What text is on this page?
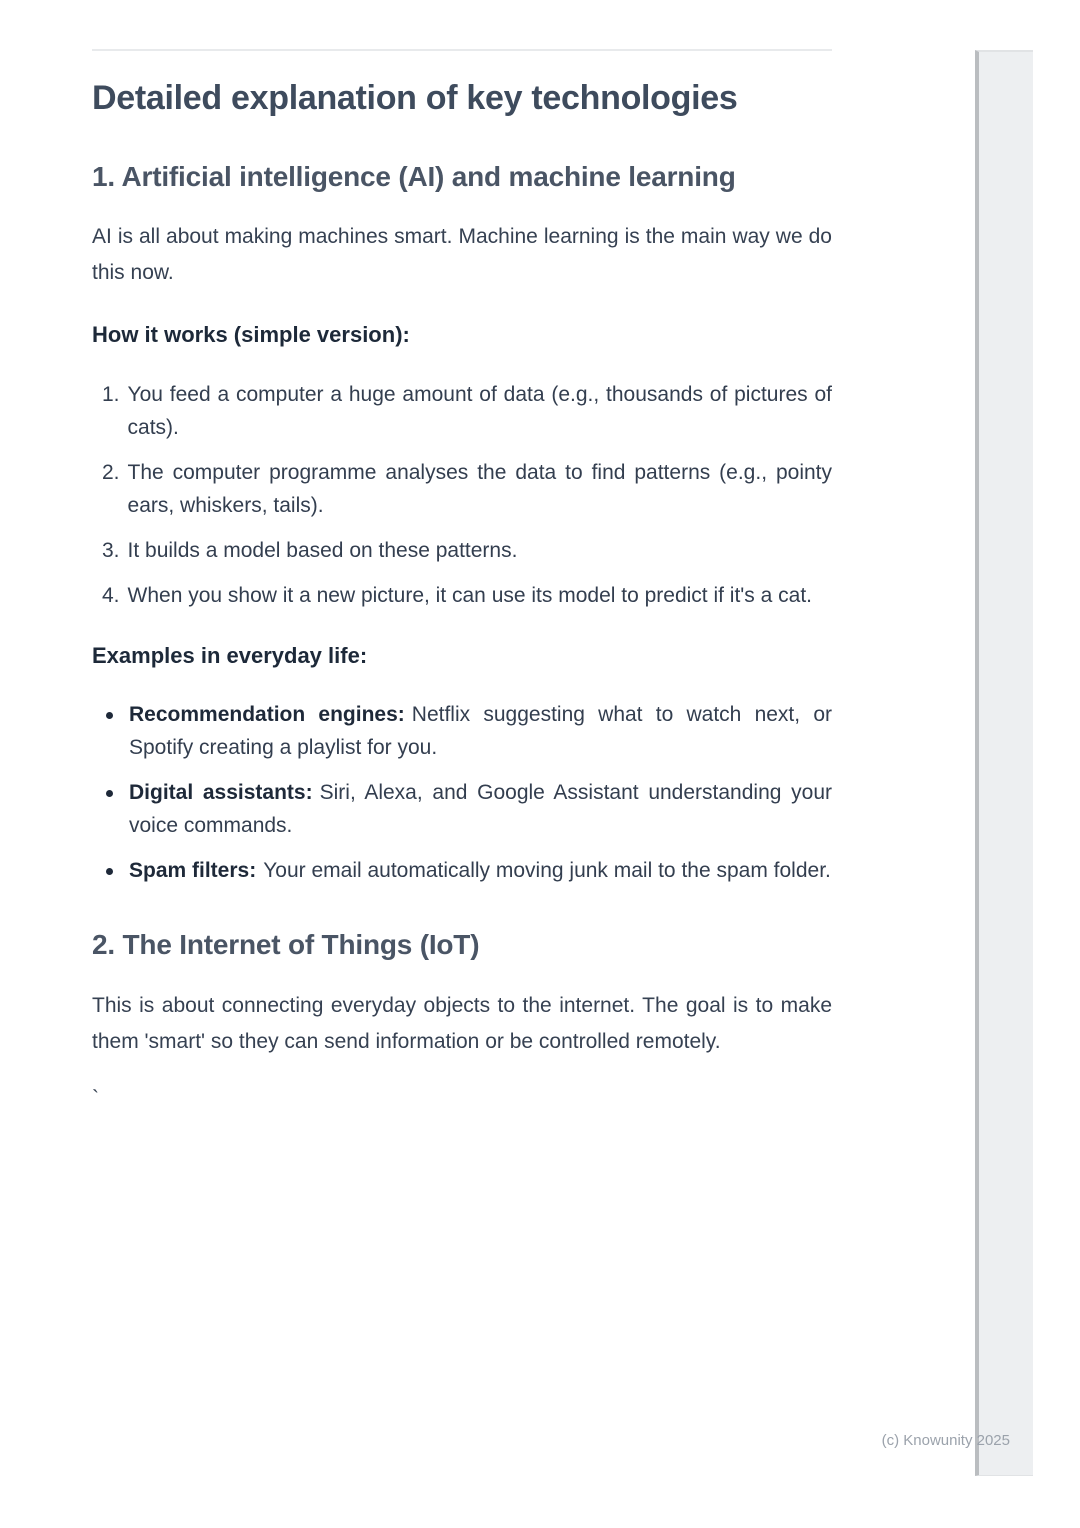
Detailed explanation of key technologies
1. Artificial intelligence (AI) and machine learning

AI is all about making machines smart. Machine learning is the main way we do this now.

How it works (simple version):
1. You feed a computer a huge amount of data (e.g., thousands of pictures of cats).

2. The computer programme analyses the data to find patterns (e.g., pointy ears, whiskers, tails).

3. It builds a model based on these patterns.

4. When you show it a new picture, it can use its model to predict if it's a cat.

Examples in everyday life:

Recommendation engines: Netflix suggesting what to watch next, or Spotify creating a playlist for you.

Digital assistants: Siri, Alexa, and Google Assistant understanding your voice commands.

Spam filters: Your email automatically moving junk mail to the spam folder.

2. The Internet of Things (IoT)

This is about connecting everyday objects to the internet. The goal is to make them 'smart' so they can send information or be controlled remotely.

`

(c) Knowunity 2025
